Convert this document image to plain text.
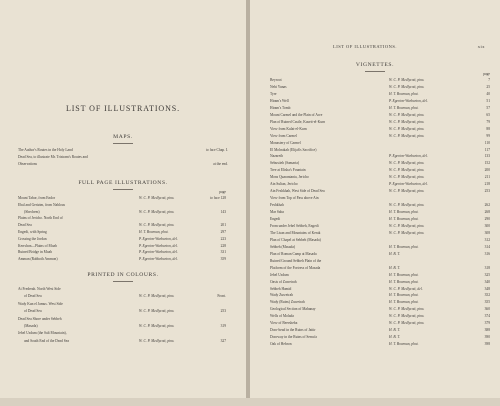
LIST OF ILLUSTRATIONS.
MAPS.
The Author's Routes in the Holy Land	to face Chap. I.
Dead Sea, to illustrate Mr. Tristram's Routes and
Observations	at the end.
FULL PAGE ILLUSTRATIONS.
page
Mount Tabor, from Endor	W. C. P. Medlycott, pinx.	to face 128
Ebal and Gerizim, from Nablous
(Shechem)	W. C. P. Medlycott, pinx.	143
Plains of Jericho. North End of
Dead Sea	W. C. P. Medlycott, pinx.	201
Engedi, with Spring	H. T. Bowman, phot.	297
Crossing the Jordan	P. Egerton-Warburton, del.	223
Kerrshon—Plains of Moab	P. Egerton-Warburton, del.	228
Ruined Bridge in Moab	P. Egerton-Warburton, del.	331
Amman (Rabboth Ammon)	P. Egerton-Warburton, del.	359
PRINTED IN COLOURS.
At Frederah. North West Side
of Dead Sea	W. C. P. Medlycott, pinx.	Front.
Wady Kun el Jamus. West Side
of Dead Sea	W. C. P. Medlycott, pinx.	253
Dead Sea Shore under Sebbeh
(Masada)	W. C. P. Medlycott, pinx.	319
Jebel Usdum (the Salt Mountain),
and South End of the Dead Sea	W. C. P. Medlycott, pinx.	327
LIST OF ILLUSTRATIONS.	xix
VIGNETTES.
page
Beyroot	W. C. P. Medlycott, pinx.	7
Nebi Yunas	W. C. P. Medlycott, pinx.	25
Tyre	H. T. Bowman, phot.	40
Hiram's Well	P. Egerton-Warburton, del.	51
Hiram's Tomb	H. T. Bowman, phot.	57
Mount Carmel and the Plain of Acre	W. C. P. Medlycott, pinx.	65
Plan of Ruined Castle, Kuseit-el-Kurn	W. C. P. Medlycott, pinx.	79
View from Kulat-el-Kurn	W. C. P. Medlycott, pinx.	88
View from Carmel	W. C. P. Medlycott, pinx.	99
Monastery of Carmel	110
El Mohrakah (Elijah's Sacrifice)	117
Nazareth	P. Egerton-Warburton, del.	133
Sebustieh (Samaria)	W. C. P. Medlycott, pinx.	152
Tree at Elisha's Fountain	W. C. P. Medlycott, pinx.	200
Mons Quarantania, Jericho	W. C. P. Medlycott, pinx.	211
Ain Sultan, Jericho	P. Egerton-Warburton, del.	218
Ain Feshkhah, West Side of Dead Sea	W. C. P. Medlycott, pinx.	253
View from Top of Pass above Ain
Feshkhah	W. C. P. Medlycott, pinx.	262
Mar Saba	H. T. Bowman, phot.	268
Engedi	H. T. Bowman, phot.	290
From under Jebel Sebbeh, Engedi	W. C. P. Medlycott, pinx.	300
The Lisan and Mountains of Kerak	W. C. P. Medlycott, pinx.	308
Plan of Chapel at Sebbeh (Masada)	312
Sebbeh (Masada)	H. T. Bowman, phot.	314
Plan of Roman Camp at Masada	H. B. T.	316
Ruined Ground Sebbeh Plain of the
Platform of the Fortress of Masada	H. B. T.	318
Jebel Usdum	H. T. Bowman, phot.	325
Oasis of Zuweirah	H. T. Bowman, phot.	340
Sebbeh Hamid	W. C. P. Medlycott, del.	348
Wady Zuweirah	H. T. Bowman, phot.	352
Wady (Ruins) Zuweirah	H. T. Bowman, phot.	355
Geological Section of Mahanay	W. C. P. Medlycott, pinx.	360
Wells of Molada	W. C. P. Medlycott, pinx.	374
View of Beersheba	W. C. P. Medlycott, pinx.	379
Door-head in the Ruins of Jattir	H. B. T.	388
Doorway in the Ruins of Semu'a	H. B. T.	390
Oak of Hebron	H. T. Bowman, phot.	398
